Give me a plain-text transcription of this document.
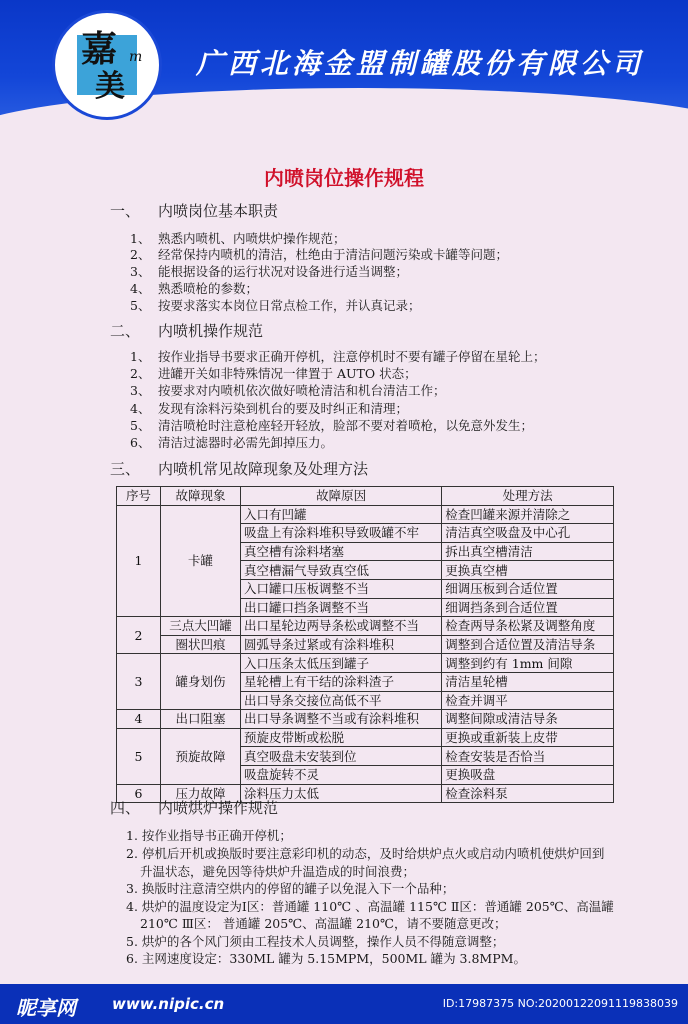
嘉
美
m 广西北海金盟制罐股份有限公司
内喷岗位操作规程
一、 内喷岗位基本职责
1、 熟悉内喷机、内喷烘炉操作规范；
2、 经常保持内喷机的清洁，杜绝由于清洁问题污染或卡罐等问题；
3、 能根据设备的运行状况对设备进行适当调整；
4、 熟悉喷枪的参数；
5、 按要求落实本岗位日常点检工作，并认真记录；
二、 内喷机操作规范
1、 按作业指导书要求正确开停机，注意停机时不要有罐子停留在星轮上；
2、 进罐开关如非特殊情况一律置于 AUTO 状态；
3、 按要求对内喷机依次做好喷枪清洁和机台清洁工作；
4、 发现有涂料污染到机台的要及时纠正和清理；
5、 清洁喷枪时注意枪座轻开轻放，脸部不要对着喷枪，以免意外发生；
6、 清洁过滤器时必需先卸掉压力。
三、 内喷机常见故障现象及处理方法
序号	故障现象	故障原因	处理方法
1	卡罐	入口有凹罐	检查凹罐来源并清除之
		吸盘上有涂料堆积导致吸罐不牢	清洁真空吸盘及中心孔
		真空槽有涂料堵塞	拆出真空槽清洁
		真空槽漏气导致真空低	更换真空槽
		入口罐口压板调整不当	细调压板到合适位置
		出口罐口挡条调整不当	细调挡条到合适位置
2	三点大凹罐	出口星轮边两导条松或调整不当	检查两导条松紧及调整角度
	圈状凹痕	圆弧导条过紧或有涂料堆积	调整到合适位置及清洁导条
3	罐身划伤	入口压条太低压到罐子	调整到约有 1mm 间隙
		星轮槽上有干结的涂料渣子	清洁星轮槽
		出口导条交接位高低不平	检查并调平
4	出口阻塞	出口导条调整不当或有涂料堆积	调整间隙或清洁导条
5	预旋故障	预旋皮带断或松脱	更换或重新装上皮带
		真空吸盘未安装到位	检查安装是否恰当
		吸盘旋转不灵	更换吸盘
6	压力故障	涂料压力太低	检查涂料泵
四、 内喷烘炉操作规范
1. 按作业指导书正确开停机；
2. 停机后开机或换版时要注意彩印机的动态，及时给烘炉点火或启动内喷机使烘炉回到
升温状态，避免因等待烘炉升温造成的时间浪费；
3. 换版时注意清空烘内的停留的罐子以免混入下一个品种；
4. 烘炉的温度设定为Ⅰ区：普通罐 110℃ 、高温罐 115℃ Ⅱ区：普通罐 205℃、高温罐
210℃ Ⅲ区： 普通罐 205℃、高温罐 210℃，请不要随意更改；
5. 烘炉的各个风门须由工程技术人员调整，操作人员不得随意调整；
6. 主网速度设定：330ML 罐为 5.15MPM，500ML 罐为 3.8MPM。
昵享网 www.nipic.cn	ID:17987375 NO:20200122091119838039
